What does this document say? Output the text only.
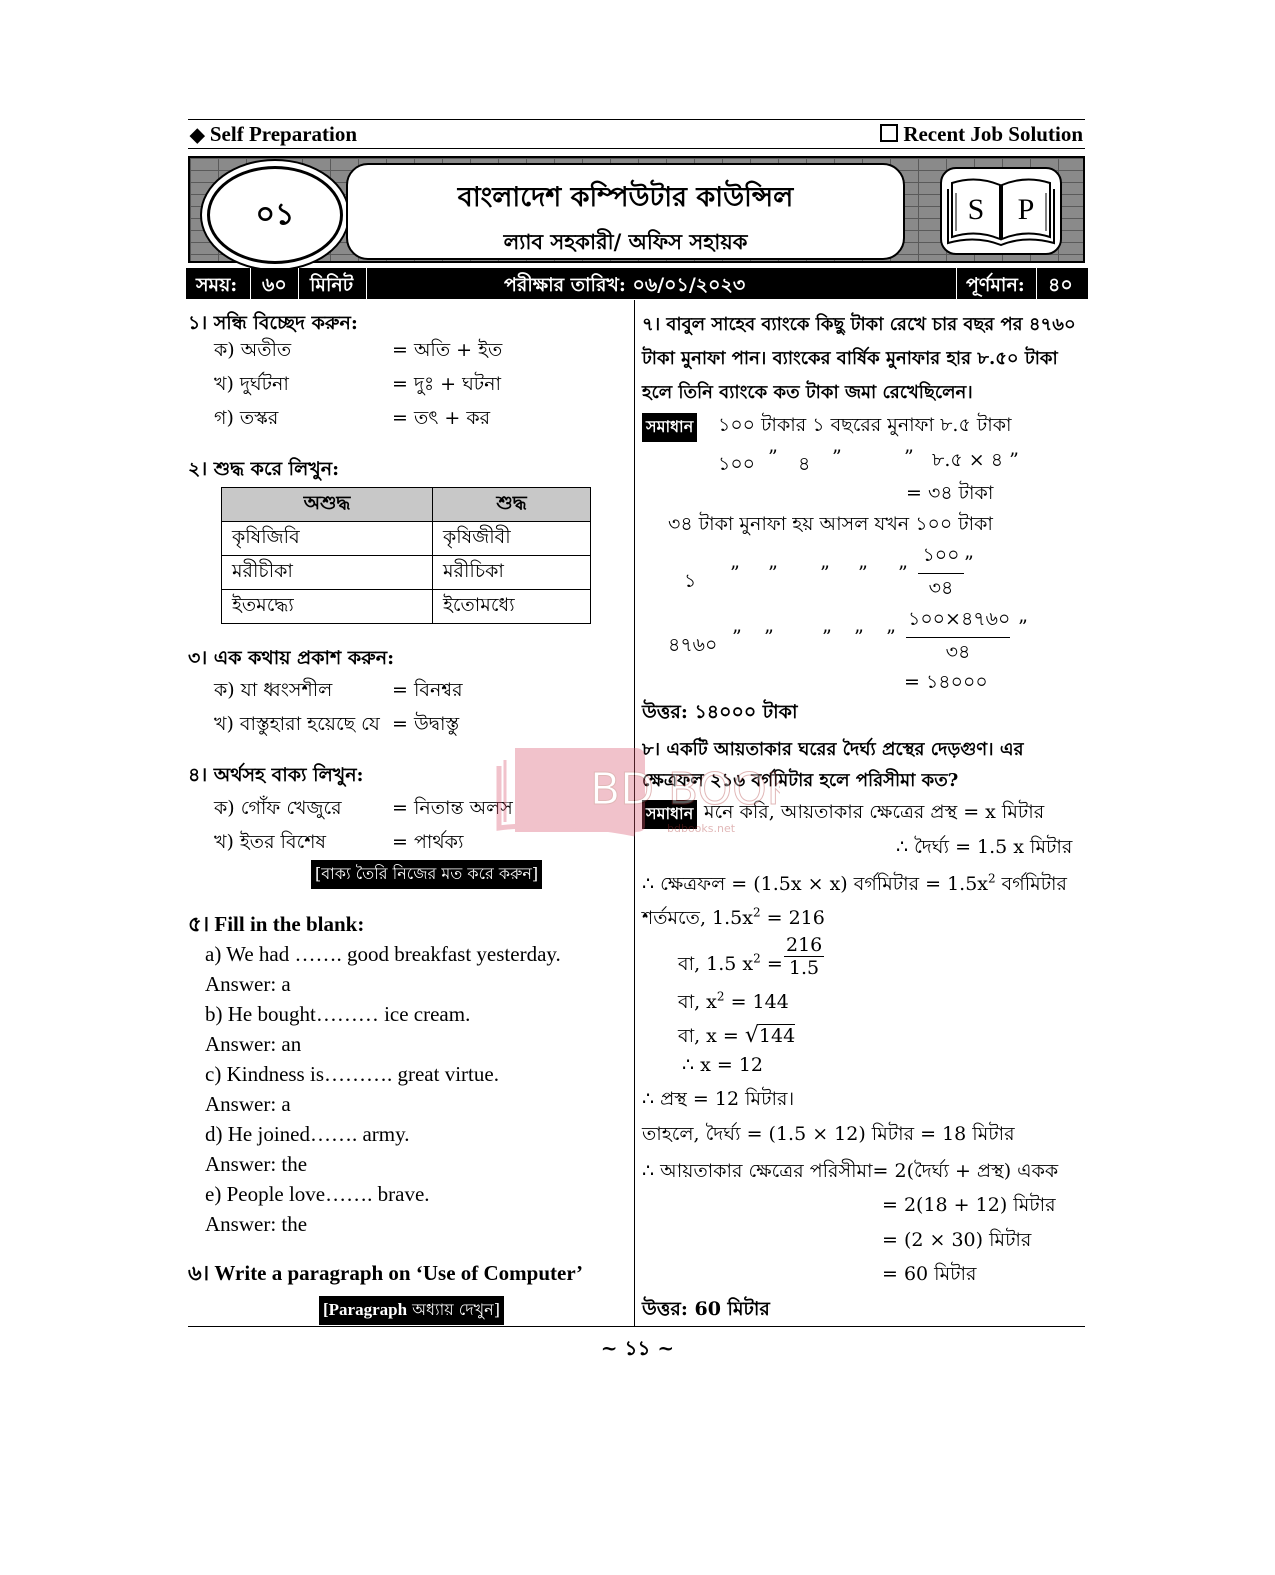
◆ Self Preparation	Recent Job Solution
০১	বাংলাদেশ কম্পিউটার কাউন্সিল
ল্যাব সহকারী/ অফিস সহায়ক
S P
সময়: ৬০ মিনিট	পরীক্ষার তারিখ: ০৬/০১/২০২৩	পূর্ণমান: ৪০
১। সন্ধি বিচ্ছেদ করুন:
ক) অতীত	= অতি + ইত
খ) দুর্ঘটনা	= দুঃ + ঘটনা
গ) তস্কর	= তৎ + কর
২। শুদ্ধ করে লিখুন:
অশুদ্ধ	শুদ্ধ
কৃষিজিবি	কৃষিজীবী
মরীচীকা	মরীচিকা
ইতমদ্ধ্যে	ইতোমধ্যে
৩। এক কথায় প্রকাশ করুন:
ক) যা ধ্বংসশীল	= বিনশ্বর
খ) বাস্তুহারা হয়েছে যে = উদ্বাস্তু
৪। অর্থসহ বাক্য লিখুন:
ক) গোঁফ খেজুরে	= নিতান্ত অলস
খ) ইতর বিশেষ	= পার্থক্য
[বাক্য তৈরি নিজের মত করে করুন]
৫। Fill in the blank:
a) We had ……. good breakfast yesterday.
Answer: a
b) He bought……… ice cream.
Answer: an
c) Kindness is………. great virtue.
Answer: a
d) He joined……. army.
Answer: the
e) People love……. brave.
Answer: the
৬। Write a paragraph on ‘Use of Computer’
[Paragraph অধ্যায় দেখুন]
৭। বাবুল সাহেব ব্যাংকে কিছু টাকা রেখে চার বছর পর ৪৭৬০
টাকা মুনাফা পান। ব্যাংকের বার্ষিক মুনাফার হার ৮.৫০ টাকা
হলে তিনি ব্যাংকে কত টাকা জমা রেখেছিলেন।
সমাধান ১০০ টাকার ১ বছরের মুনাফা ৮.৫ টাকা
১০০ ” ৪ ”	” ৮.৫ × ৪ ”
= ৩৪ টাকা
৩৪ টাকা মুনাফা হয় আসল যখন ১০০ টাকা
১ ” ” ” ” ”
১০০
৩৪
”
৪৭৬০ ” ”	” ” ”
১০০×৪৭৬০
৩৪
”
= ১৪০০০
উত্তর: ১৪০০০ টাকা
৮। একটি আয়তাকার ঘরের দৈর্ঘ্য প্রস্থের দেড়গুণ। এর
ক্ষেত্রফল ২১৬ বর্গমিটার হলে পরিসীমা কত?
সমাধান মনে করি, আয়তাকার ক্ষেত্রের প্রস্থ = x মিটার
∴ দৈর্ঘ্য = 1.5 x মিটার
∴ ক্ষেত্রফল = (1.5x × x) বর্গমিটার = $1.5x^2$ বর্গমিটার
শর্তমতে, $1.5x^2 = 216$
বা, 1.5 $x^2 = \frac{216}{1.5}$
বা, $x^2 = 144$
বা, x = √144
∴ x = 12
∴ প্রস্থ = 12 মিটার।
তাহলে, দৈর্ঘ্য = (1.5 × 12) মিটার = 18 মিটার
∴ আয়তাকার ক্ষেত্রের পরিসীমা= 2(দৈর্ঘ্য + প্রস্থ) একক
= 2(18 + 12) মিটার
= (2 × 30) মিটার
= 60 মিটার
উত্তর: 60 মিটার
BD BOO
bdbooks.net
~ ১১ ~
